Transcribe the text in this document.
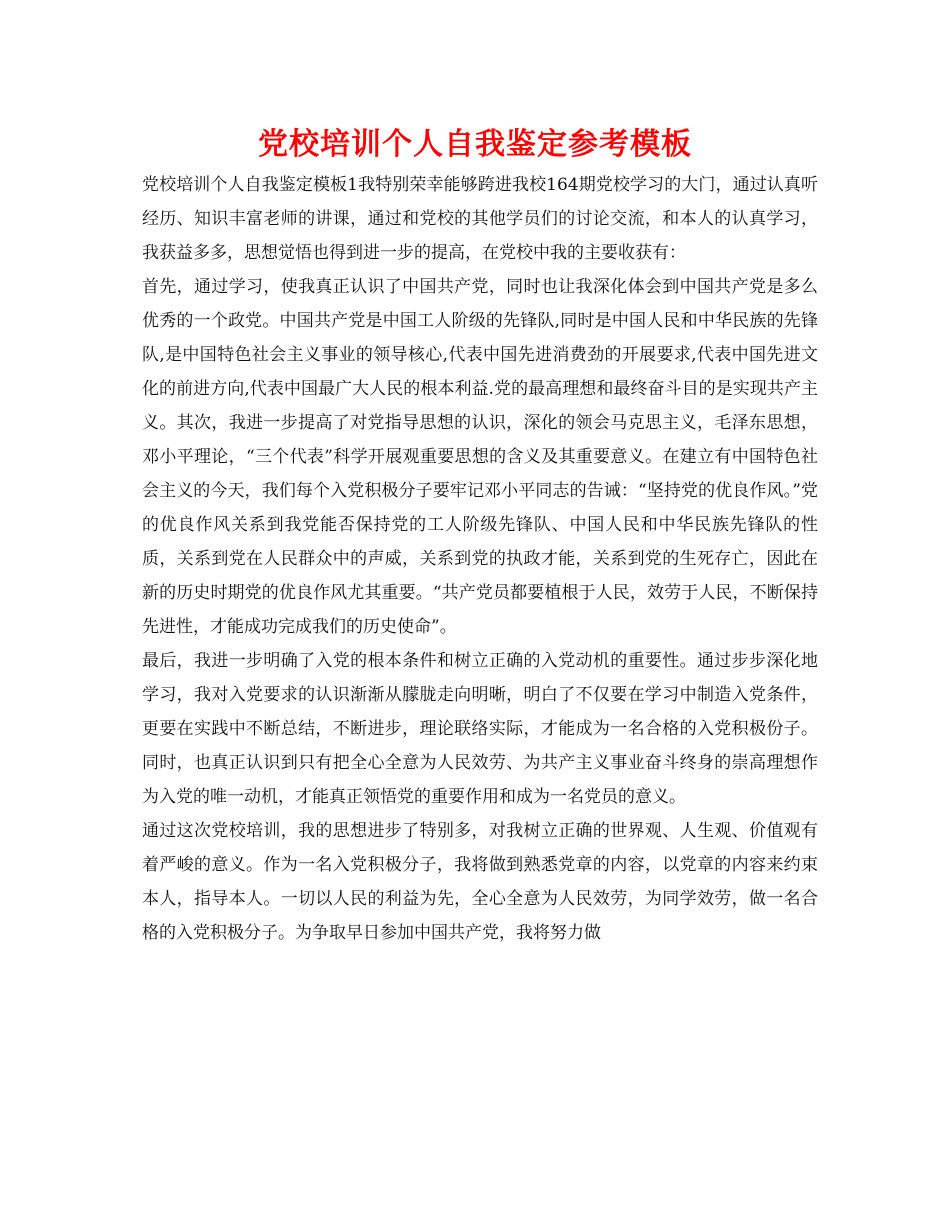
党校培训个人自我鉴定参考模板

党校培训个人自我鉴定模板1我特别荣幸能够跨进我校164期党校学习的大门，通过认真听经历、知识丰富老师的讲课，通过和党校的其他学员们的讨论交流，和本人的认真学习，我获益多多，思想觉悟也得到进一步的提高，在党校中我的主要收获有：

首先，通过学习，使我真正认识了中国共产党，同时也让我深化体会到中国共产党是多么优秀的一个政党。中国共产党是中国工人阶级的先锋队,同时是中国人民和中华民族的先锋队,是中国特色社会主义事业的领导核心,代表中国先进消费劲的开展要求,代表中国先进文化的前进方向,代表中国最广大人民的根本利益.党的最高理想和最终奋斗目的是实现共产主义。其次，我进一步提高了对党指导思想的认识，深化的领会马克思主义，毛泽东思想，邓小平理论，“三个代表”科学开展观重要思想的含义及其重要意义。在建立有中国特色社会主义的今天，我们每个入党积极分子要牢记邓小平同志的告诫：“坚持党的优良作风。”党的优良作风关系到我党能否保持党的工人阶级先锋队、中国人民和中华民族先锋队的性质，关系到党在人民群众中的声威，关系到党的执政才能，关系到党的生死存亡，因此在新的历史时期党的优良作风尤其重要。“共产党员都要植根于人民，效劳于人民，不断保持先进性，才能成功完成我们的历史使命”。

最后，我进一步明确了入党的根本条件和树立正确的入党动机的重要性。通过步步深化地学习，我对入党要求的认识渐渐从朦胧走向明晰，明白了不仅要在学习中制造入党条件，更要在实践中不断总结，不断进步，理论联络实际，才能成为一名合格的入党积极份子。同时，也真正认识到只有把全心全意为人民效劳、为共产主义事业奋斗终身的崇高理想作为入党的唯一动机，才能真正领悟党的重要作用和成为一名党员的意义。

通过这次党校培训，我的思想进步了特别多，对我树立正确的世界观、人生观、价值观有着严峻的意义。作为一名入党积极分子，我将做到熟悉党章的内容，以党章的内容来约束本人，指导本人。一切以人民的利益为先，全心全意为人民效劳，为同学效劳，做一名合格的入党积极分子。为争取早日参加中国共产党，我将努力做
